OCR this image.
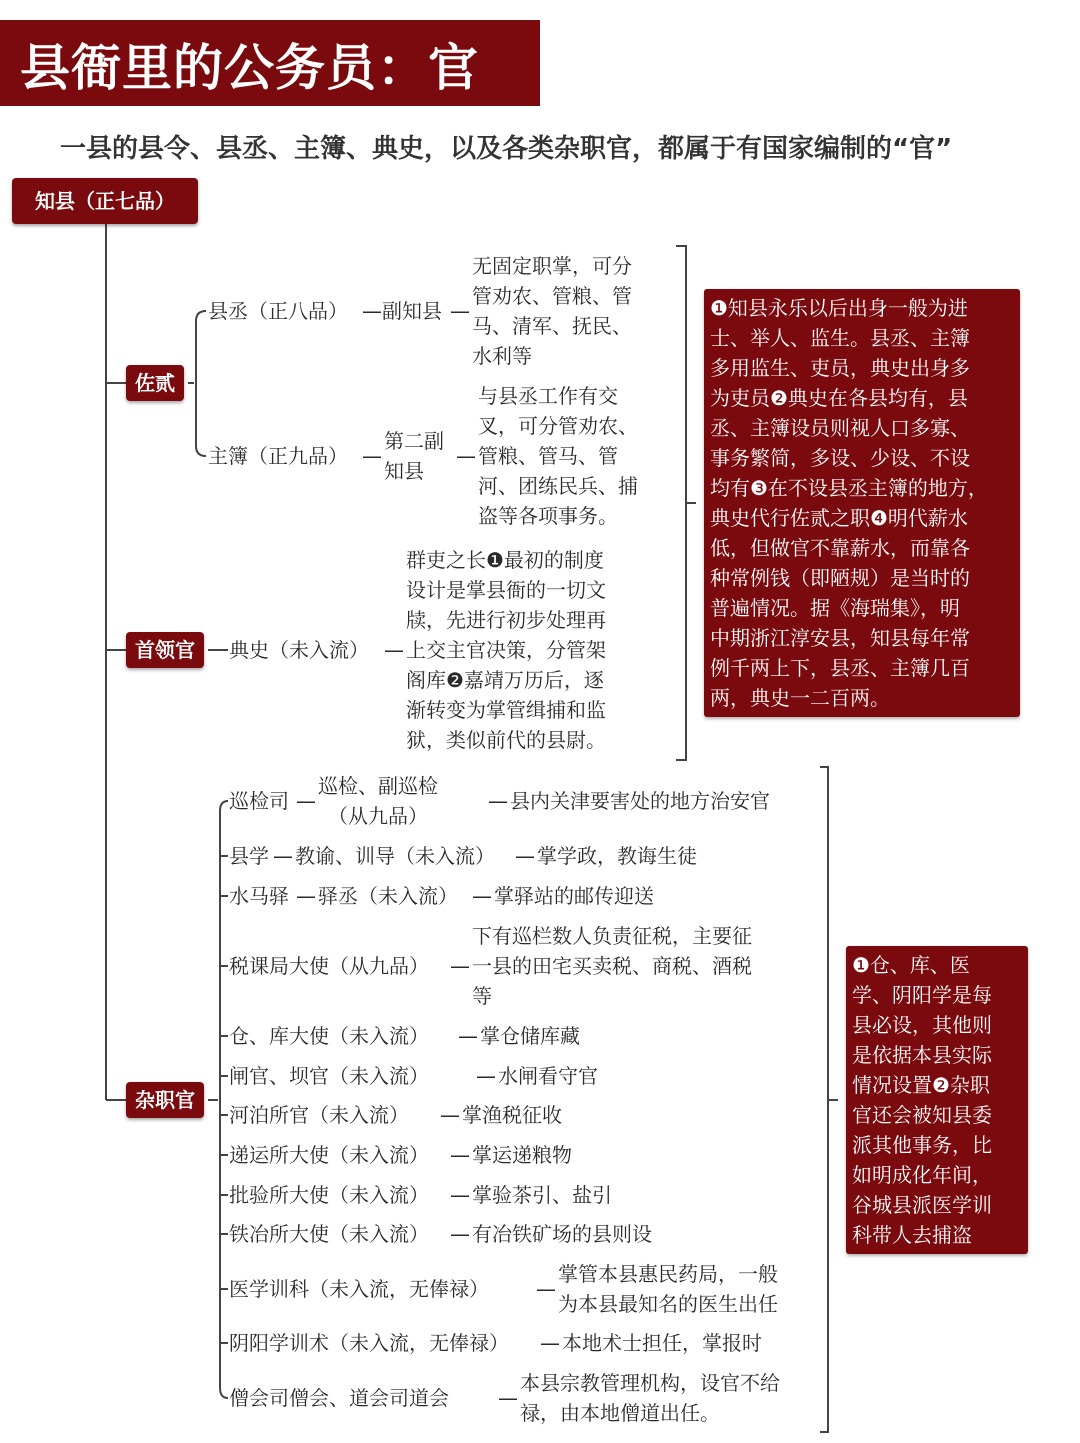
县衙里的公务员：官
一县的县令、县丞、主簿、典史，以及各类杂职官，都属于有国家编制的“官”
知县（正七品）
佐贰
县丞（正八品） — 副知县 —
无固定职掌，可分
管劝农、管粮、管
马、清军、抚民、
水利等
主簿（正九品） —
第二副
知县
—
与县丞工作有交
叉，可分管劝农、
管粮、管马、管
河、团练民兵、捕
盗等各项事务。
首领官	典史（未入流） —
群吏之长❶最初的制度
设计是掌县衙的一切文
牍，先进行初步处理再
上交主官决策，分管架
阁库❷嘉靖万历后，逐
渐转变为掌管缉捕和监
狱，类似前代的县尉。
❶知县永乐以后出身一般为进
士、举人、监生。县丞、主簿
多用监生、吏员，典史出身多
为吏员❷典史在各县均有，县
丞、主簿设员则视人口多寡、
事务繁简，多设、少设、不设
均有❸在不设县丞主簿的地方，
典史代行佐贰之职❹明代薪水
低，但做官不靠薪水，而靠各
种常例钱（即陋规）是当时的
普遍情况。据《海瑞集》，明
中期浙江淳安县，知县每年常
例千两上下，县丞、主簿几百
两，典史一二百两。
杂职官
巡检司 —
巡检、副巡检
（从九品）
— 县内关津要害处的地方治安官
县学 — 教谕、训导（未入流） — 掌学政，教诲生徒
水马驿 — 驿丞（未入流） — 掌驿站的邮传迎送
税课局大使（从九品） —
下有巡栏数人负责征税，主要征
一县的田宅买卖税、商税、酒税
等
仓、库大使（未入流） — 掌仓储库藏
闸官、坝官（未入流） — 水闸看守官
河泊所官（未入流） — 掌渔税征收
递运所大使（未入流） — 掌运递粮物
批验所大使（未入流） — 掌验茶引、盐引
铁冶所大使（未入流） — 有冶铁矿场的县则设
医学训科（未入流，无俸禄） —
掌管本县惠民药局，一般
为本县最知名的医生出任
阴阳学训术（未入流，无俸禄） — 本地术士担任，掌报时
僧会司僧会、道会司道会 —
本县宗教管理机构，设官不给
禄，由本地僧道出任。
❶仓、库、医
学、阴阳学是每
县必设，其他则
是依据本县实际
情况设置❷杂职
官还会被知县委
派其他事务，比
如明成化年间，
谷城县派医学训
科带人去捕盗
